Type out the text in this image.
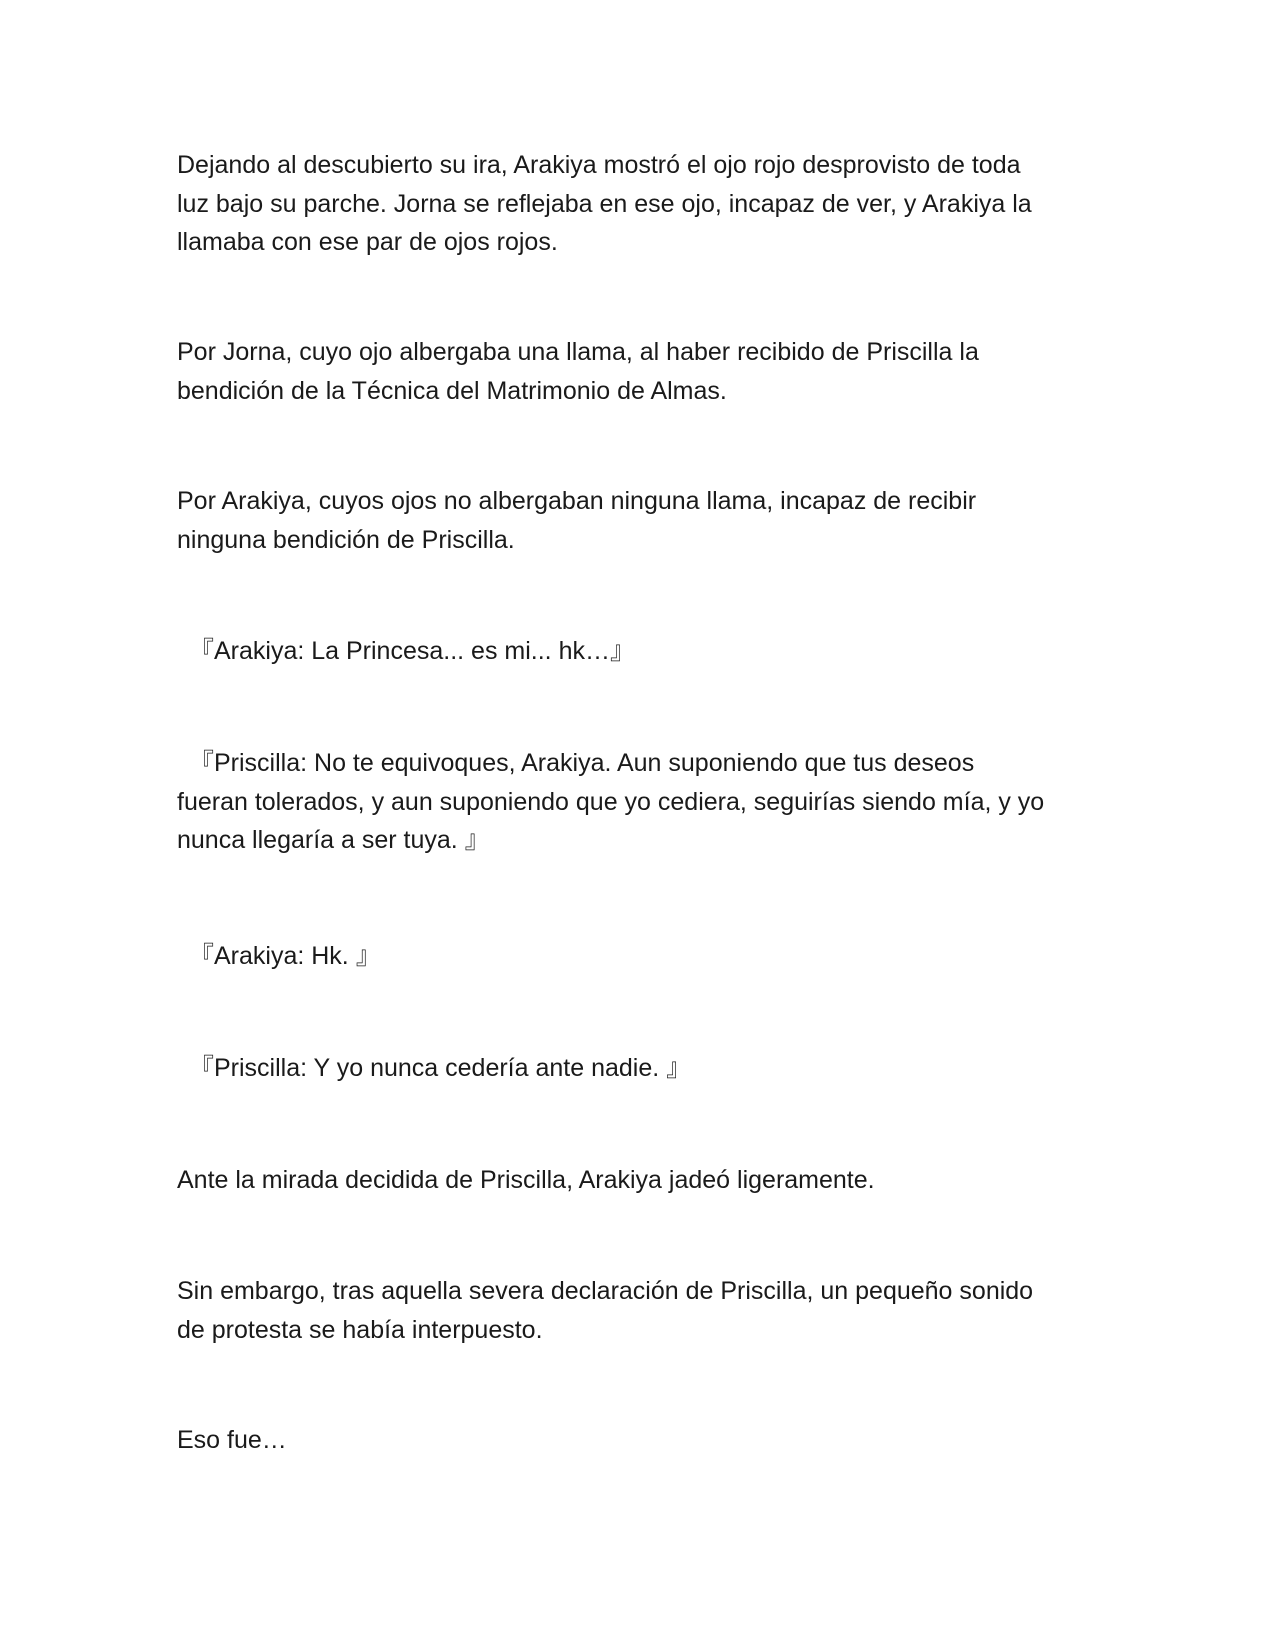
Dejando al descubierto su ira, Arakiya mostró el ojo rojo desprovisto de toda
luz bajo su parche. Jorna se reflejaba en ese ojo, incapaz de ver, y Arakiya la
llamaba con ese par de ojos rojos.

Por Jorna, cuyo ojo albergaba una llama, al haber recibido de Priscilla la
bendición de la Técnica del Matrimonio de Almas.

Por Arakiya, cuyos ojos no albergaban ninguna llama, incapaz de recibir
ninguna bendición de Priscilla.

『Arakiya: La Princesa... es mi... hk…』

『Priscilla: No te equivoques, Arakiya. Aun suponiendo que tus deseos
fueran tolerados, y aun suponiendo que yo cediera, seguirías siendo mía, y yo
nunca llegaría a ser tuya. 』

『Arakiya: Hk. 』

『Priscilla: Y yo nunca cedería ante nadie. 』

Ante la mirada decidida de Priscilla, Arakiya jadeó ligeramente.

Sin embargo, tras aquella severa declaración de Priscilla, un pequeño sonido
de protesta se había interpuesto.

Eso fue…
